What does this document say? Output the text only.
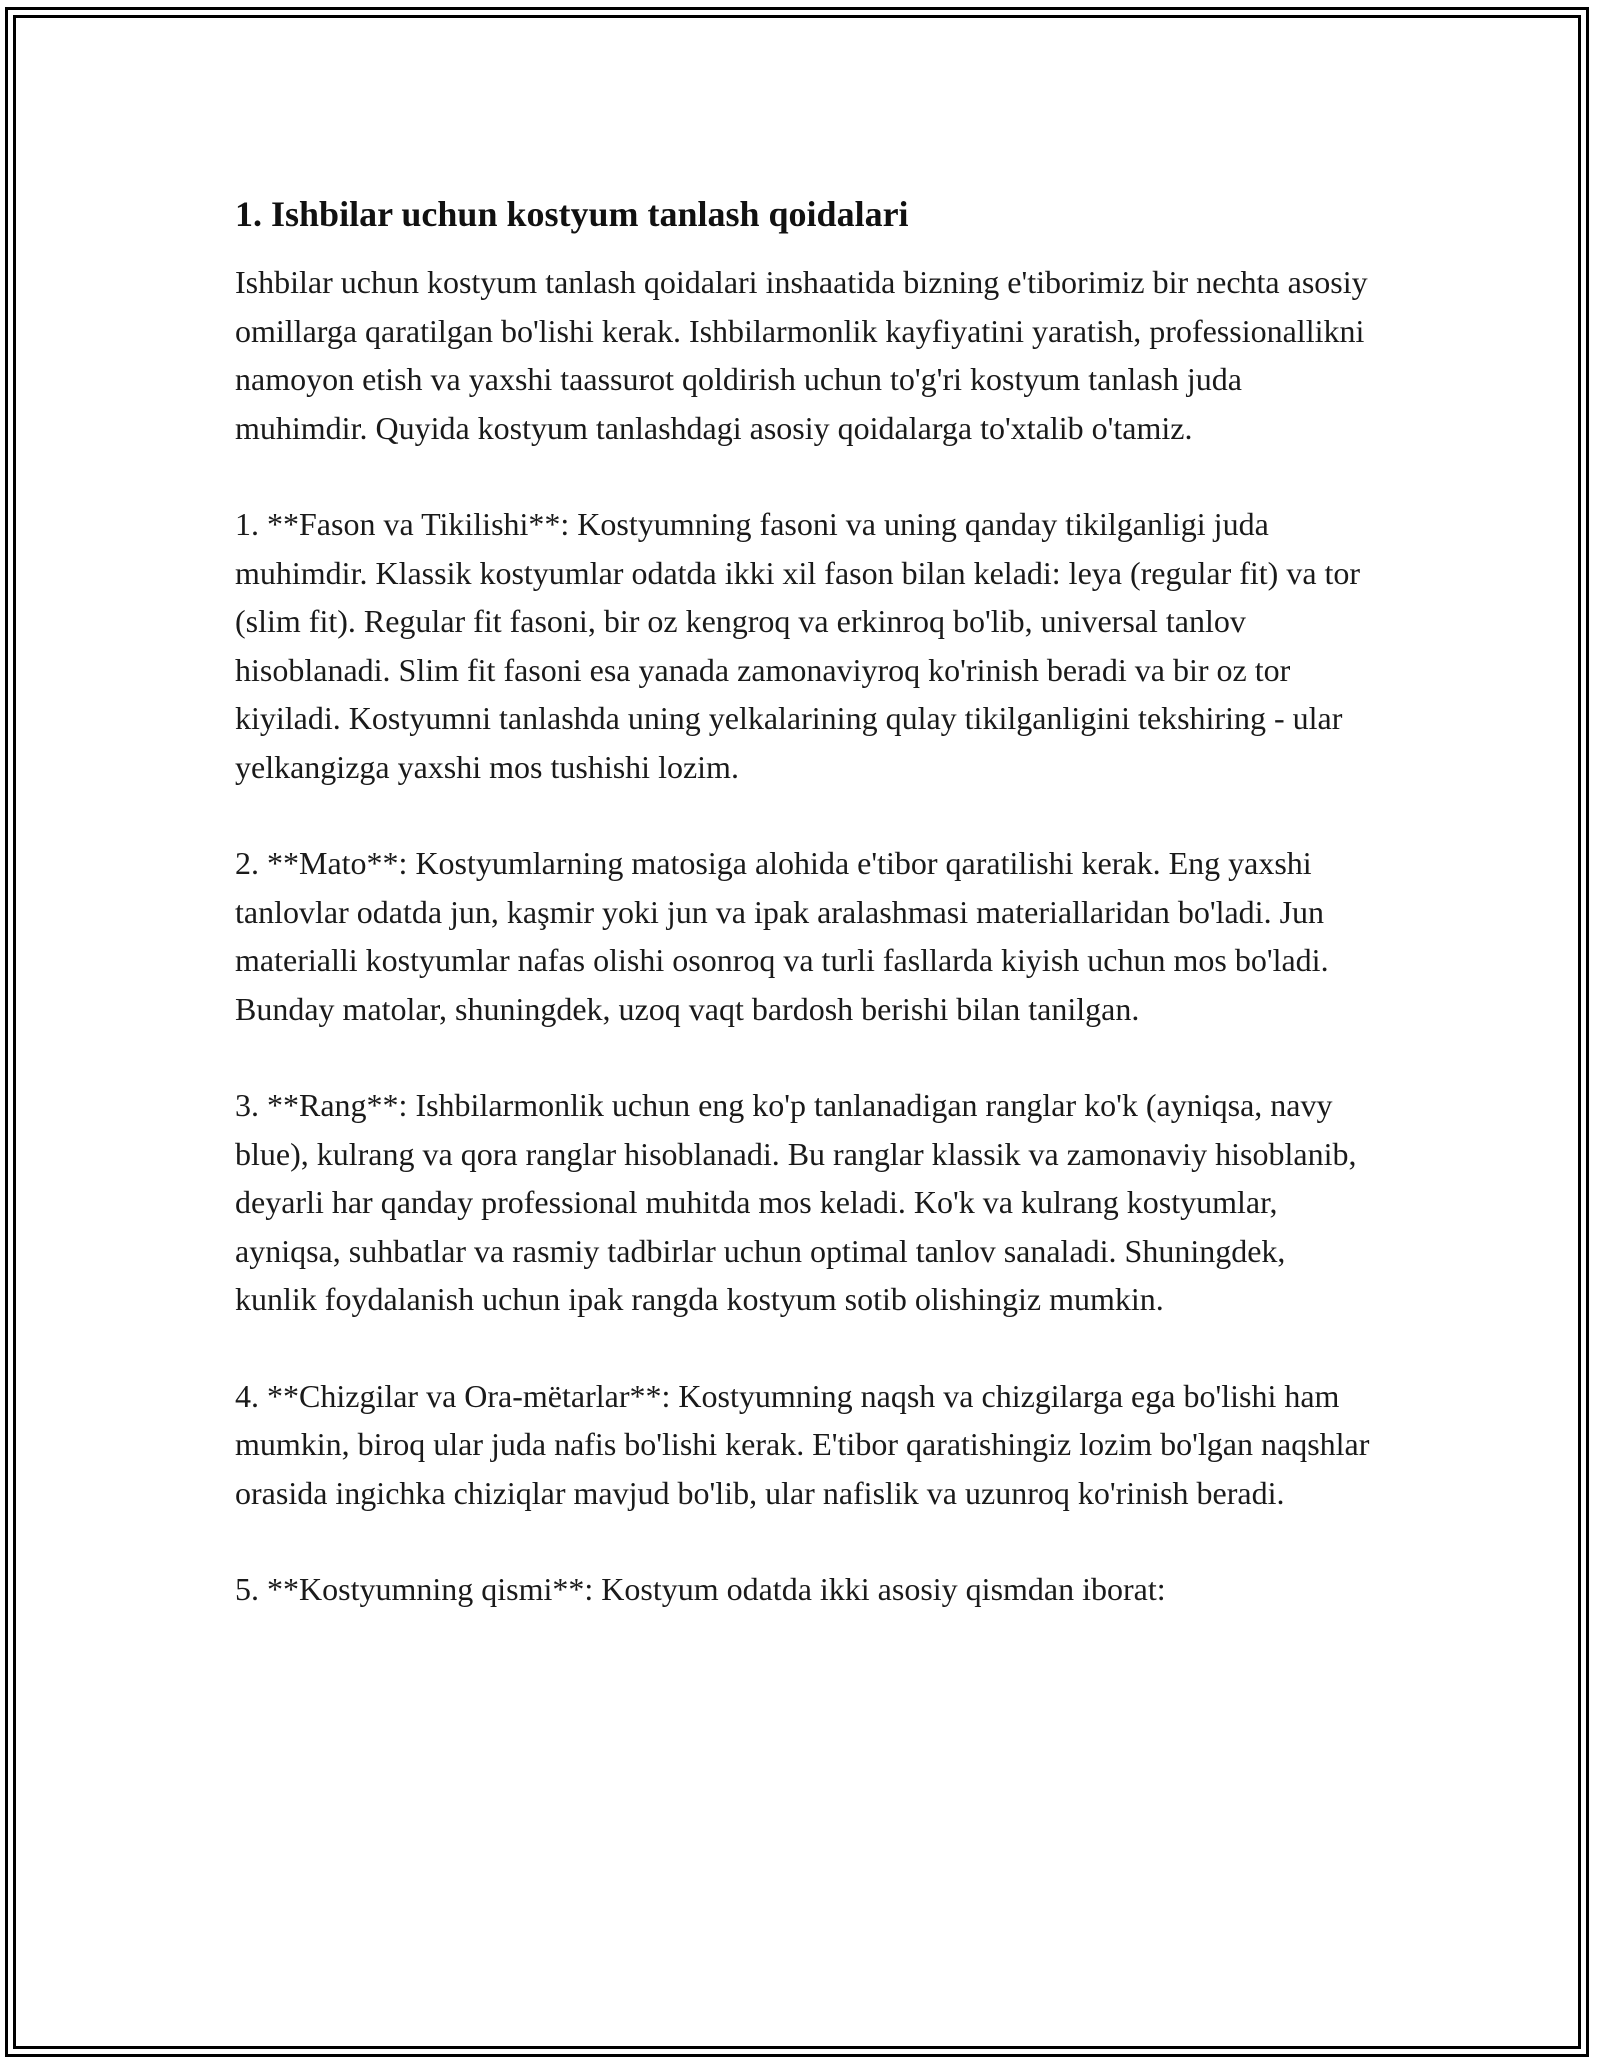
1. Ishbilar uchun kostyum tanlash qoidalari

Ishbilar uchun kostyum tanlash qoidalari inshaatida bizning e'tiborimiz bir nechta asosiy omillarga qaratilgan bo'lishi kerak. Ishbilarmonlik kayfiyatini yaratish, professionallikni namoyon etish va yaxshi taassurot qoldirish uchun to'g'ri kostyum tanlash juda muhimdir. Quyida kostyum tanlashdagi asosiy qoidalarga to'xtalib o'tamiz.

1. **Fason va Tikilishi**: Kostyumning fasoni va uning qanday tikilganligi juda muhimdir. Klassik kostyumlar odatda ikki xil fason bilan keladi: leya (regular fit) va tor (slim fit). Regular fit fasoni, bir oz kengroq va erkinroq bo'lib, universal tanlov hisoblanadi. Slim fit fasoni esa yanada zamonaviyroq ko'rinish beradi va bir oz tor kiyiladi. Kostyumni tanlashda uning yelkalarining qulay tikilganligini tekshiring - ular yelkangizga yaxshi mos tushishi lozim.

2. **Mato**: Kostyumlarning matosiga alohida e'tibor qaratilishi kerak. Eng yaxshi tanlovlar odatda jun, kaşmir yoki jun va ipak aralashmasi materiallaridan bo'ladi. Jun materialli kostyumlar nafas olishi osonroq va turli fasllarda kiyish uchun mos bo'ladi. Bunday matolar, shuningdek, uzoq vaqt bardosh berishi bilan tanilgan.

3. **Rang**: Ishbilarmonlik uchun eng ko'p tanlanadigan ranglar ko'k (ayniqsa, navy blue), kulrang va qora ranglar hisoblanadi. Bu ranglar klassik va zamonaviy hisoblanib, deyarli har qanday professional muhitda mos keladi. Ko'k va kulrang kostyumlar, ayniqsa, suhbatlar va rasmiy tadbirlar uchun optimal tanlov sanaladi. Shuningdek, kunlik foydalanish uchun ipak rangda kostyum sotib olishingiz mumkin.

4. **Chizgilar va Ora-mëtarlar**: Kostyumning naqsh va chizgilarga ega bo'lishi ham mumkin, biroq ular juda nafis bo'lishi kerak. E'tibor qaratishingiz lozim bo'lgan naqshlar orasida ingichka chiziqlar mavjud bo'lib, ular nafislik va uzunroq ko'rinish beradi.

5. **Kostyumning qismi**: Kostyum odatda ikki asosiy qismdan iborat:
